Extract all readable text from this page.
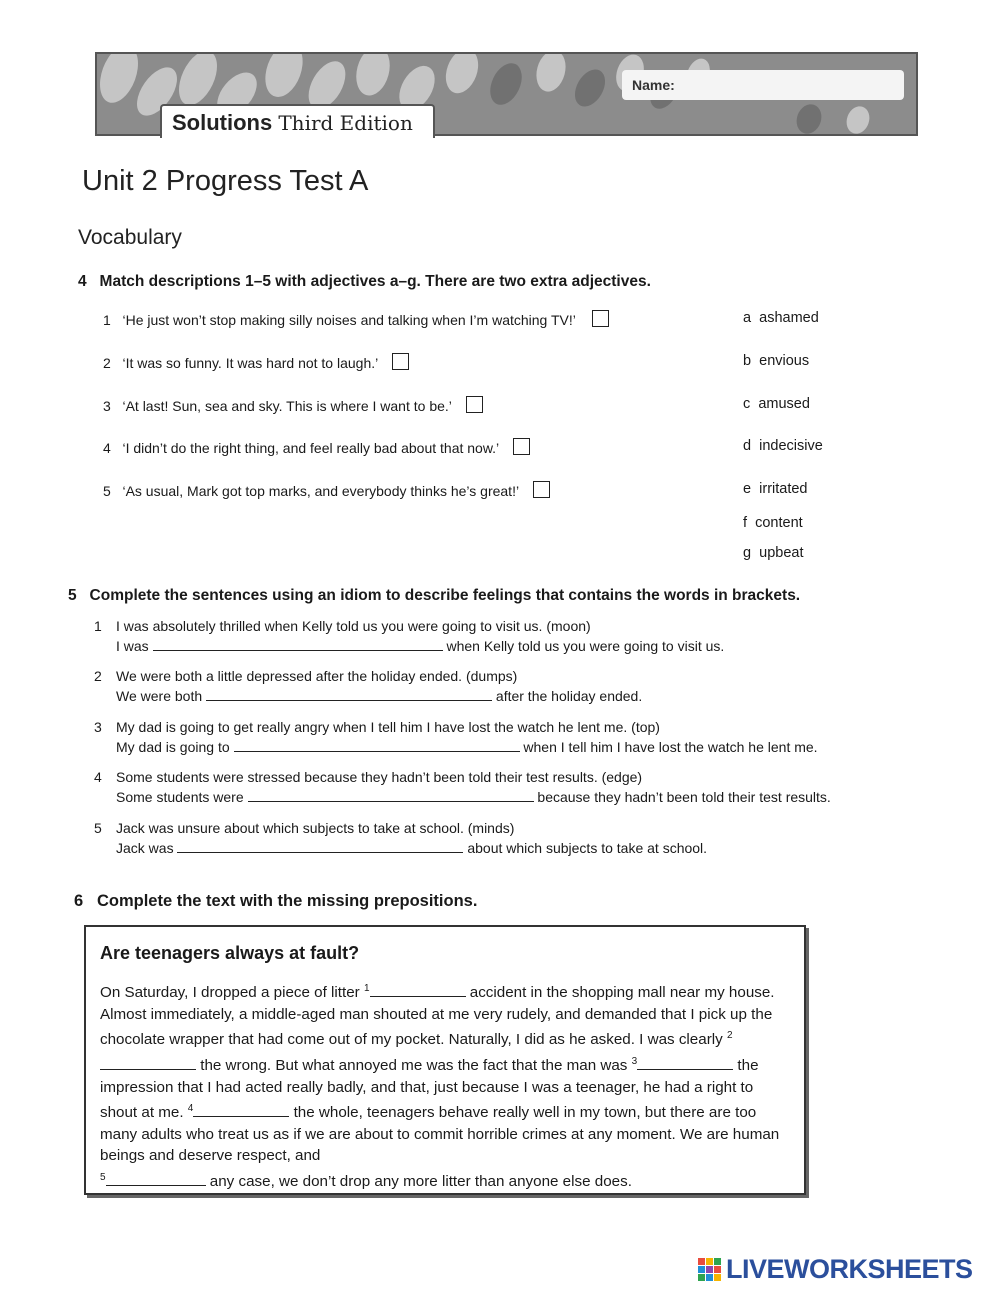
Name:
Solutions Third Edition
Unit 2 Progress Test A
Vocabulary
4 Match descriptions 1–5 with adjectives a–g. There are two extra adjectives.
1 ‘He just won’t stop making silly noises and talking when I’m watching TV!’
2 ‘It was so funny. It was hard not to laugh.’
3 ‘At last! Sun, sea and sky. This is where I want to be.’
4 ‘I didn’t do the right thing, and feel really bad about that now.’
5 ‘As usual, Mark got top marks, and everybody thinks he’s great!’
a ashamed
b envious
c amused
d indecisive
e irritated
f content
g upbeat
5 Complete the sentences using an idiom to describe feelings that contains the words in brackets.
1 I was absolutely thrilled when Kelly told us you were going to visit us. (moon)
I was	when Kelly told us you were going to visit us.
2 We were both a little depressed after the holiday ended. (dumps)
We were both	after the holiday ended.
3 My dad is going to get really angry when I tell him I have lost the watch he lent me. (top)
My dad is going to	when I tell him I have lost the watch he lent me.
4 Some students were stressed because they hadn’t been told their test results. (edge)
Some students were	because they hadn’t been told their test results.
5 Jack was unsure about which subjects to take at school. (minds)
Jack was	about which subjects to take at school.
6 Complete the text with the missing prepositions.
Are teenagers always at fault?

On Saturday, I dropped a piece of litter $^1$	accident in the shopping mall near my house. Almost immediately, a middle-aged man shouted at me very rudely, and demanded that I pick up the chocolate wrapper that had come out of my pocket. Naturally, I did as he asked. I was clearly $^2$ the wrong. But what annoyed me was the fact that the man was $^3$	the impression that I had acted really badly, and that, just because I was a teenager, he had a right to shout at me. $^4$	the whole, teenagers behave really well in my town, but there are too many adults who treat us as if we are about to commit horrible crimes at any moment. We are human beings and deserve respect, and
$^5$	any case, we don’t drop any more litter than anyone else does.

LIVEWORKSHEETS
